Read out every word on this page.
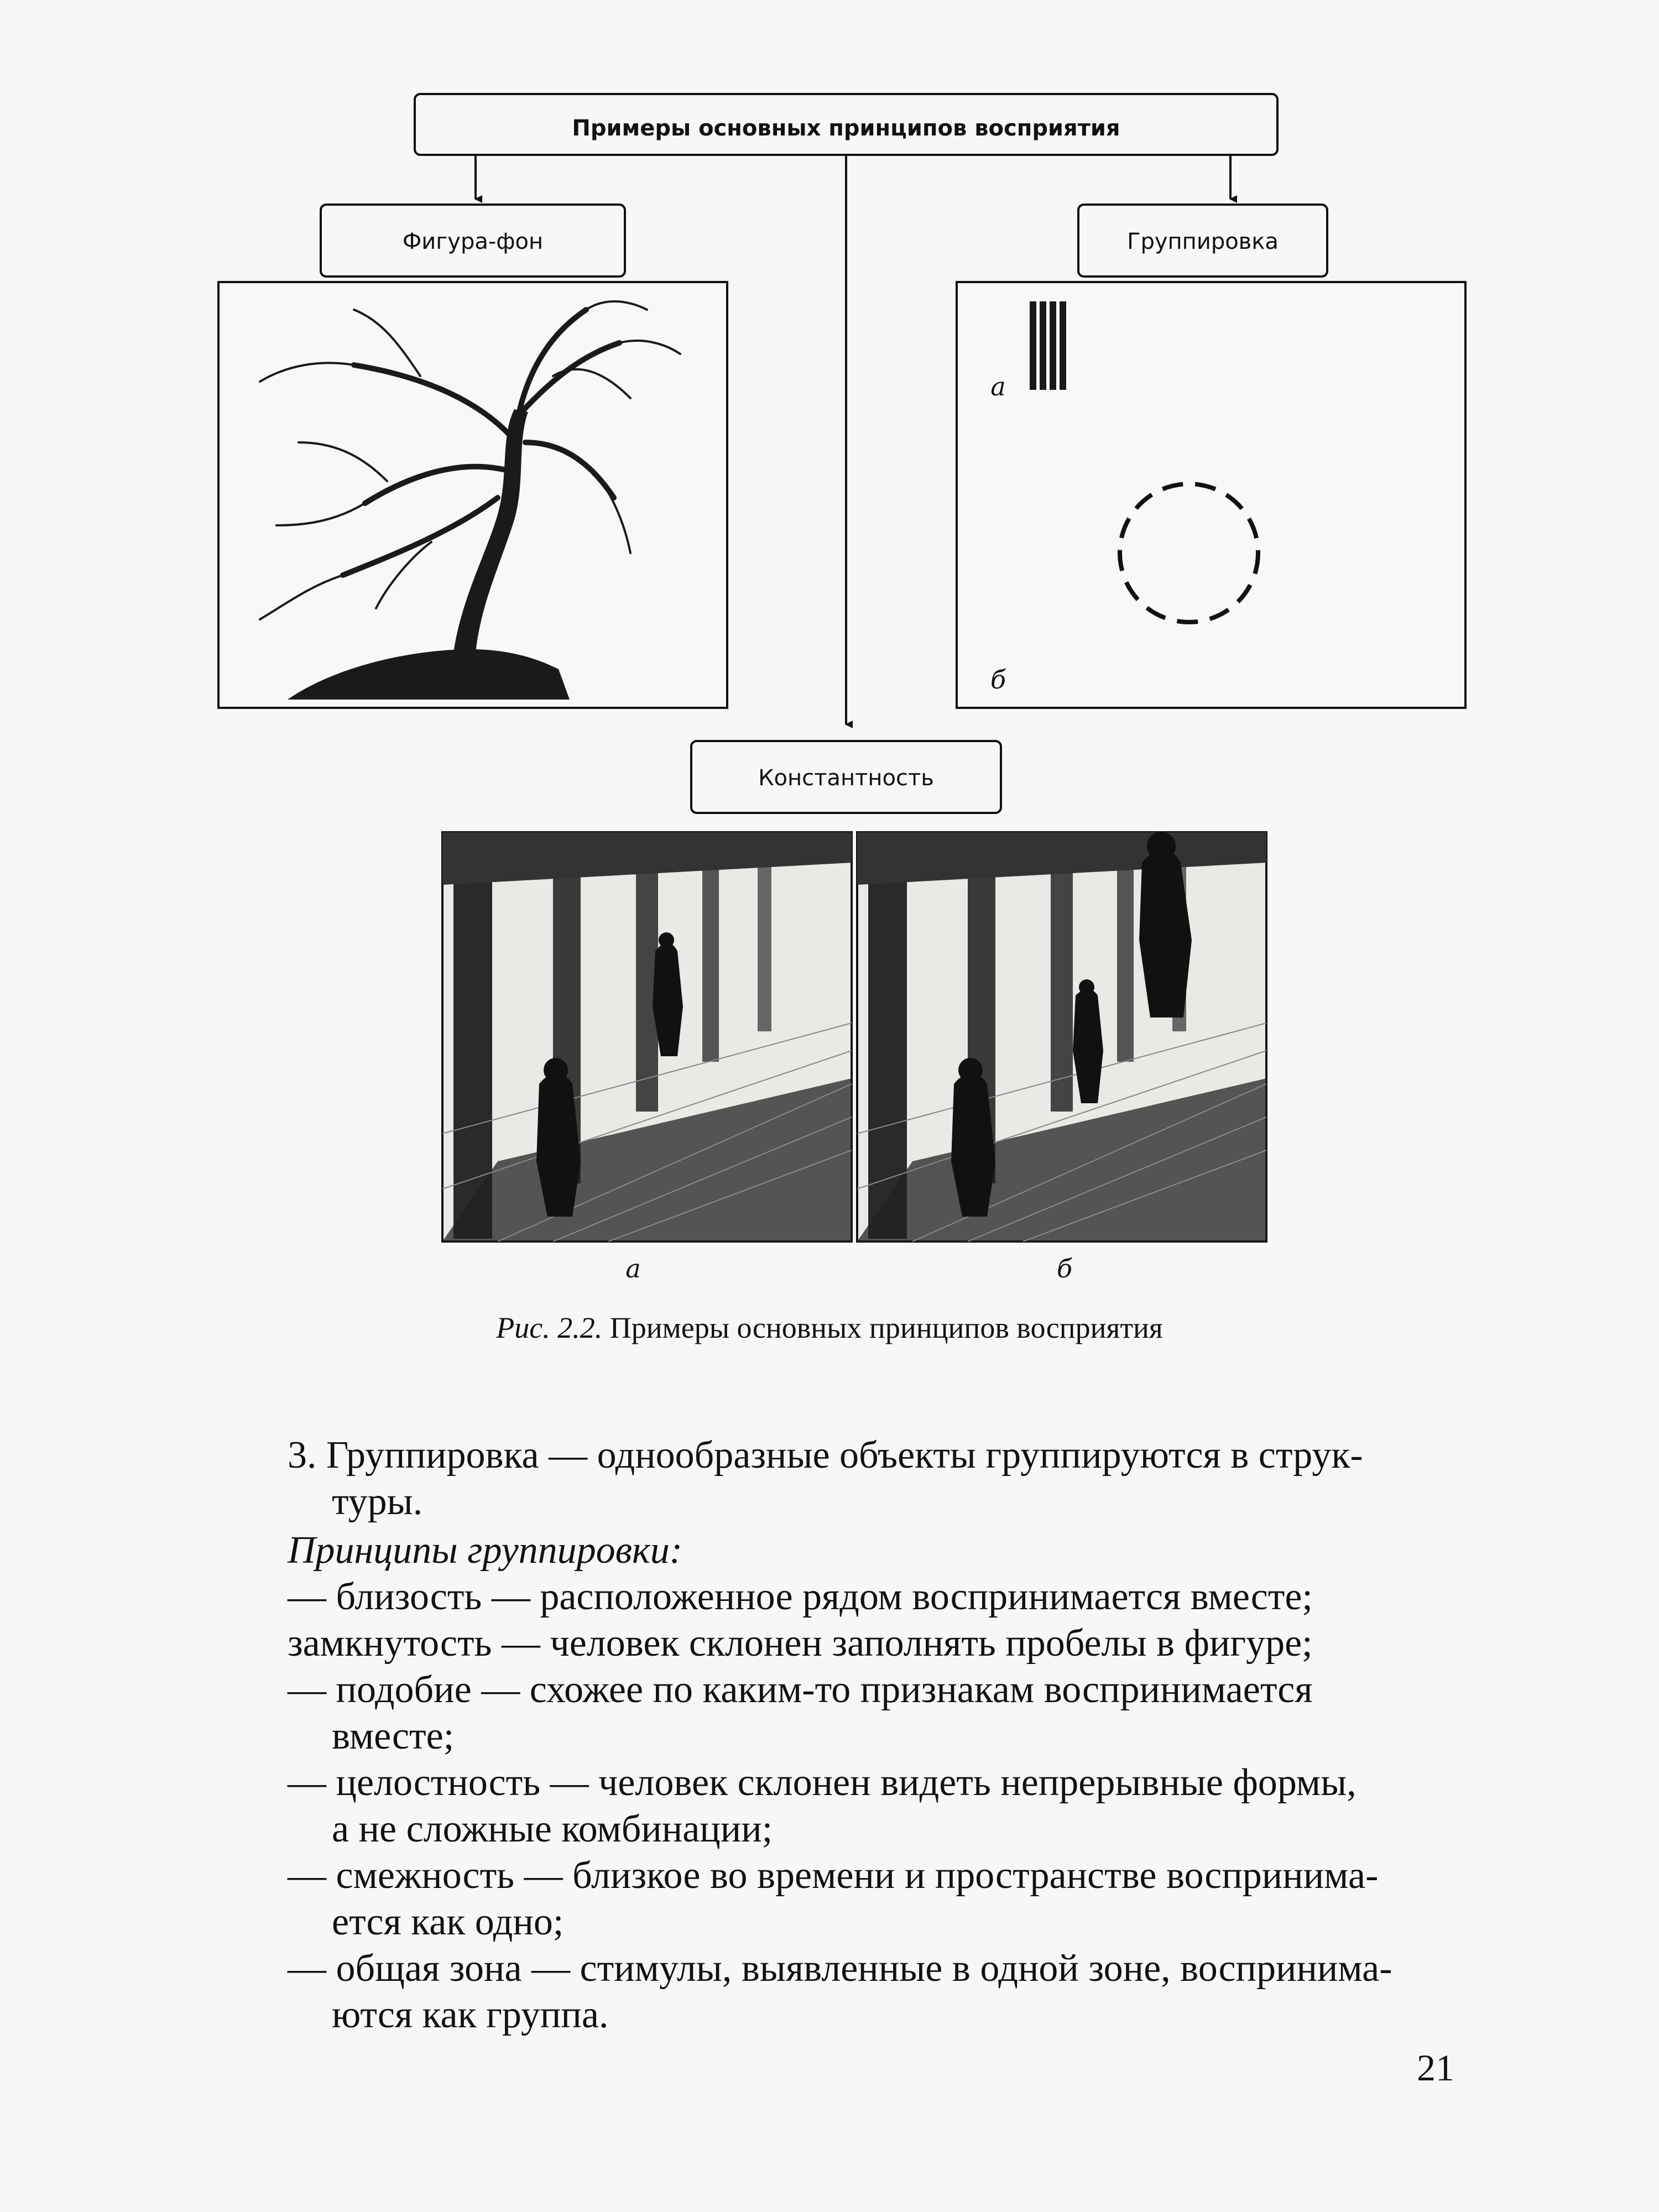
Примеры основных принципов восприятия
Фигура-фон	Группировка
а
б
Константность
а	б
Рис. 2.2. Примеры основных принципов восприятия
3. Группировка — однообразные объекты группируются в струк-
туры.
Принципы группировки:
— близость — расположенное рядом воспринимается вместе;
замкнутость — человек склонен заполнять пробелы в фигуре;
— подобие — схожее по каким-то признакам воспринимается
вместе;
— целостность — человек склонен видеть непрерывные формы,
а не сложные комбинации;
— смежность — близкое во времени и пространстве воспринима-
ется как одно;
— общая зона — стимулы, выявленные в одной зоне, воспринима-
ются как группа.
21
